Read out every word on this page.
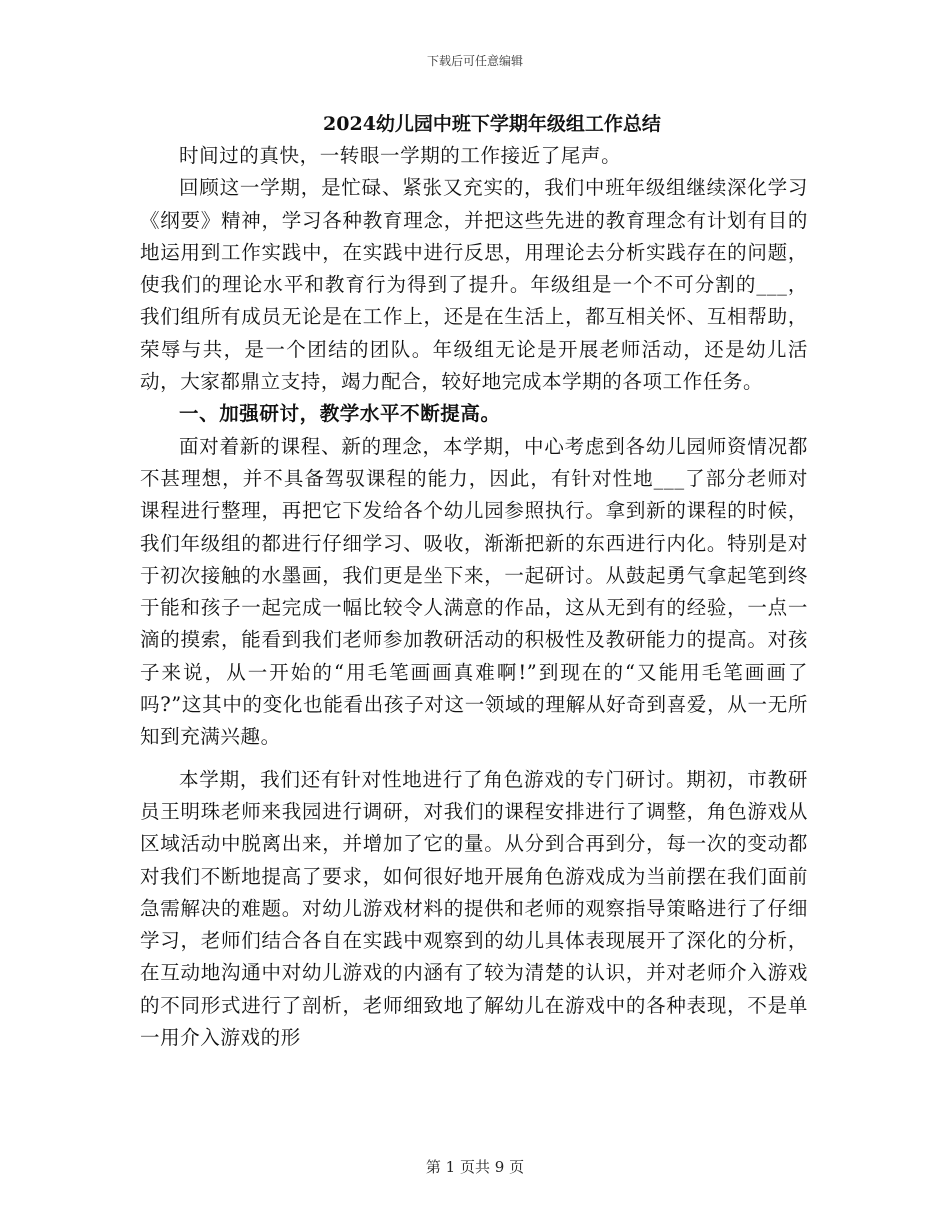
下载后可任意编辑
2024幼儿园中班下学期年级组工作总结

时间过的真快，一转眼一学期的工作接近了尾声。

回顾这一学期，是忙碌、紧张又充实的，我们中班年级组继续深化学习《纲要》精神，学习各种教育理念，并把这些先进的教育理念有计划有目的地运用到工作实践中，在实践中进行反思，用理论去分析实践存在的问题，使我们的理论水平和教育行为得到了提升。年级组是一个不可分割的___，我们组所有成员无论是在工作上，还是在生活上，都互相关怀、互相帮助，荣辱与共，是一个团结的团队。年级组无论是开展老师活动，还是幼儿活动，大家都鼎立支持，竭力配合，较好地完成本学期的各项工作任务。

一、加强研讨，教学水平不断提高。

面对着新的课程、新的理念，本学期，中心考虑到各幼儿园师资情况都不甚理想，并不具备驾驭课程的能力，因此，有针对性地___了部分老师对课程进行整理，再把它下发给各个幼儿园参照执行。拿到新的课程的时候，我们年级组的都进行仔细学习、吸收，渐渐把新的东西进行内化。特别是对于初次接触的水墨画，我们更是坐下来，一起研讨。从鼓起勇气拿起笔到终于能和孩子一起完成一幅比较令人满意的作品，这从无到有的经验，一点一滴的摸索，能看到我们老师参加教研活动的积极性及教研能力的提高。对孩子来说，从一开始的“用毛笔画画真难啊!”到现在的“又能用毛笔画画了吗?”这其中的变化也能看出孩子对这一领域的理解从好奇到喜爱，从一无所知到充满兴趣。

本学期，我们还有针对性地进行了角色游戏的专门研讨。期初，市教研员王明珠老师来我园进行调研，对我们的课程安排进行了调整，角色游戏从区域活动中脱离出来，并增加了它的量。从分到合再到分，每一次的变动都对我们不断地提高了要求，如何很好地开展角色游戏成为当前摆在我们面前急需解决的难题。对幼儿游戏材料的提供和老师的观察指导策略进行了仔细学习，老师们结合各自在实践中观察到的幼儿具体表现展开了深化的分析，在互动地沟通中对幼儿游戏的内涵有了较为清楚的认识，并对老师介入游戏的不同形式进行了剖析，老师细致地了解幼儿在游戏中的各种表现，不是单一用介入游戏的形

第 1 页共 9 页
